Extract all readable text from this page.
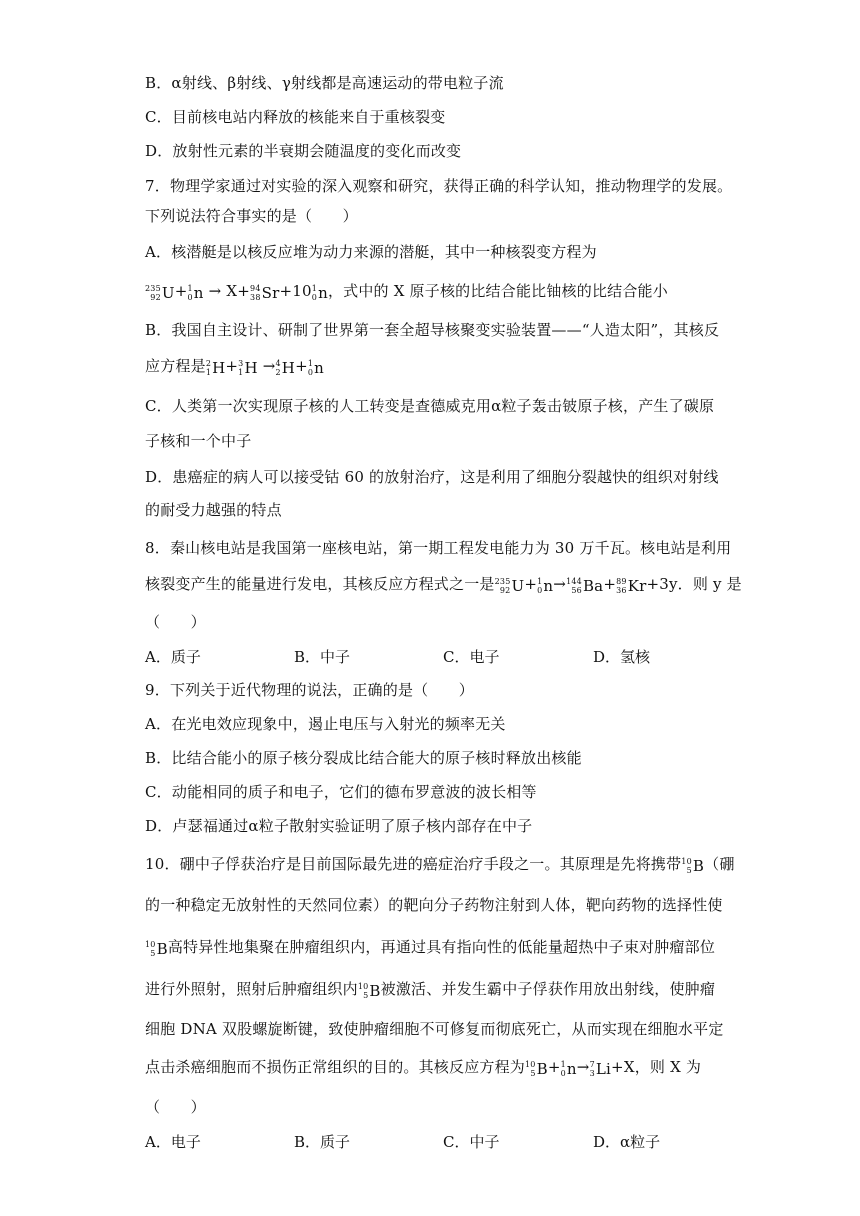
B．α射线、β射线、γ射线都是高速运动的带电粒子流
C．目前核电站内释放的核能来自于重核裂变
D．放射性元素的半衰期会随温度的变化而改变
7．物理学家通过对实验的深入观察和研究，获得正确的科学认知，推动物理学的发展。
下列说法符合事实的是（　　）
A．核潜艇是以核反应堆为动力来源的潜艇，其中一种核裂变方程为
235
92 U+ 1
0 n → X+ 94
38 Sr+10 1
0 n，式中的 X 原子核的比结合能比铀核的比结合能小
B．我国自主设计、研制了世界第一套全超导核聚变实验装置——“人造太阳”，其核反
应方程是 2
1 H+ 3
1 H → 4
2 H+ 1
0 n
C．人类第一次实现原子核的人工转变是查德威克用α粒子轰击铍原子核，产生了碳原
子核和一个中子
D．患癌症的病人可以接受钴 60 的放射治疗，这是利用了细胞分裂越快的组织对射线
的耐受力越强的特点
8．秦山核电站是我国第一座核电站，第一期工程发电能力为 30 万千瓦。核电站是利用
核裂变产生的能量进行发电，其核反应方程式之一是 235
92 U+ 1
0 n→ 144
56 Ba+ 89
36 Kr+3y．则 y 是
（　　）
A．质子	B．中子	C．电子	D．氢核
9．下列关于近代物理的说法，正确的是（　　）
A．在光电效应现象中，遏止电压与入射光的频率无关
B．比结合能小的原子核分裂成比结合能大的原子核时释放出核能
C．动能相同的质子和电子，它们的德布罗意波的波长相等
D．卢瑟福通过α粒子散射实验证明了原子核内部存在中子
10．硼中子俘获治疗是目前国际最先进的癌症治疗手段之一。其原理是先将携带 10
5 B（硼
的一种稳定无放射性的天然同位素）的靶向分子药物注射到人体，靶向药物的选择性使
10
5 B高特异性地集聚在肿瘤组织内，再通过具有指向性的低能量超热中子束对肿瘤部位
进行外照射，照射后肿瘤组织内 10
5 B被激活、并发生霸中子俘获作用放出射线，使肿瘤
细胞 DNA 双股螺旋断键，致使肿瘤细胞不可修复而彻底死亡，从而实现在细胞水平定
点击杀癌细胞而不损伤正常组织的目的。其核反应方程为 10
5 B+ 1
0 n→ 7
3 Li+X，则 X 为
（　　）
A．电子	B．质子	C．中子	D．α粒子
